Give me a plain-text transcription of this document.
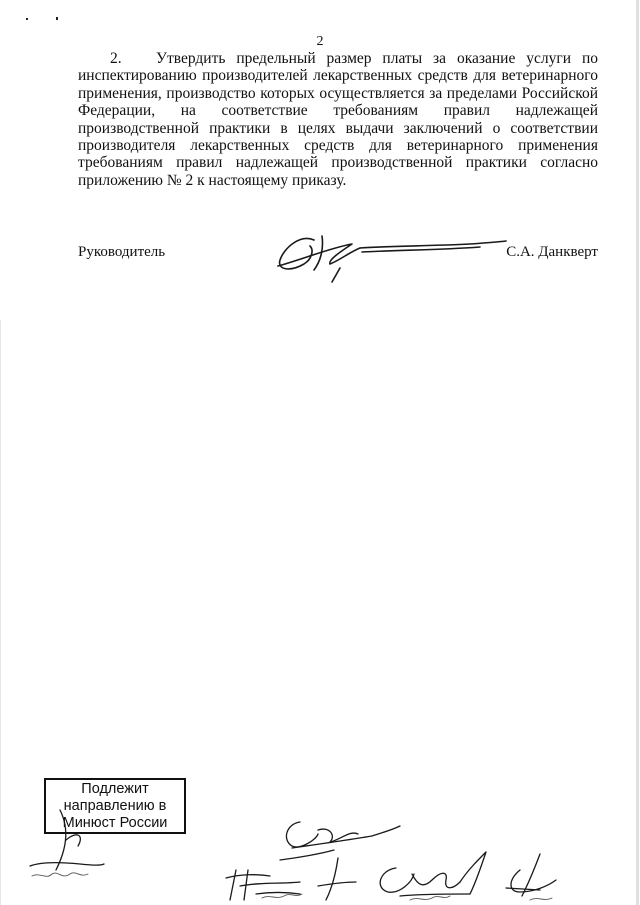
2

2. Утвердить предельный размер платы за оказание услуги по инспектированию производителей лекарственных средств для ветеринарного применения, производство которых осуществляется за пределами Российской Федерации, на соответствие требованиям правил надлежащей производственной практики в целях выдачи заключений о соответствии производителя лекарственных средств для ветеринарного применения требованиям правил надлежащей производственной практики согласно приложению № 2 к настоящему приказу.

Руководитель	С.А. Данкверт
Подлежит
направлению в
Минюст России
